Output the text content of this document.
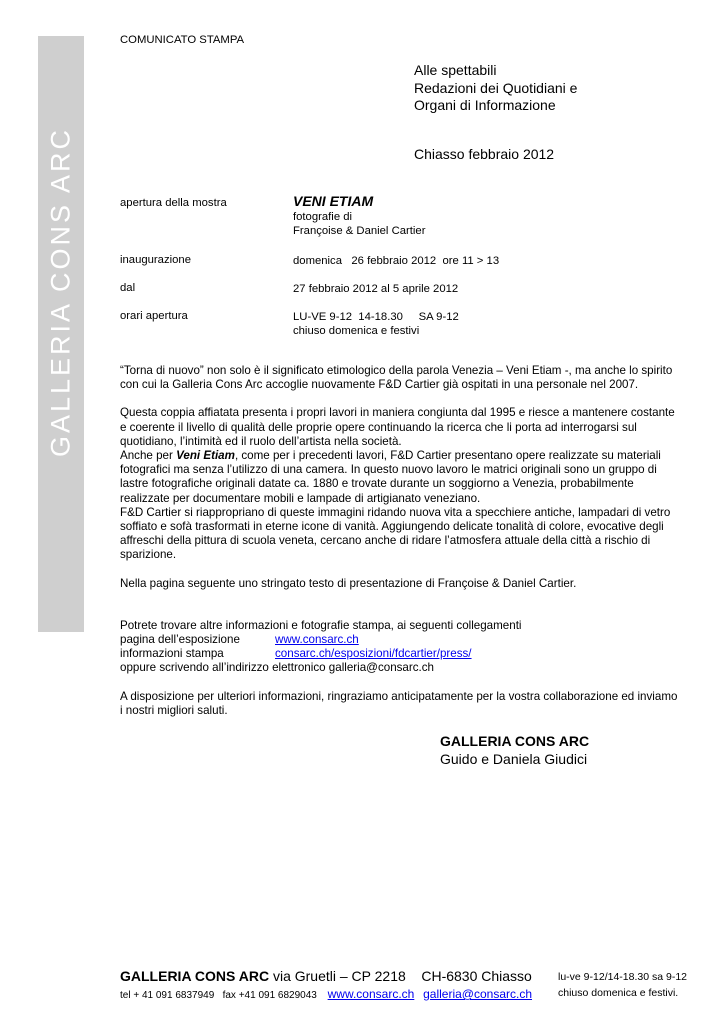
GALLERIA CONS ARC
COMUNICATO STAMPA
Alle spettabili
Redazioni dei Quotidiani e
Organi di Informazione
Chiasso febbraio 2012
apertura della mostra	VENI ETIAM
fotografie di
Françoise & Daniel Cartier
inaugurazione	domenica   26 febbraio 2012  ore 11 > 13
dal	27 febbraio 2012 al 5 aprile 2012
orari apertura	LU-VE 9-12  14-18.30     SA 9-12
chiuso domenica e festivi

“Torna di nuovo” non solo è il significato etimologico della parola Venezia – Veni Etiam -, ma anche lo spirito con cui la Galleria Cons Arc accoglie nuovamente F&D Cartier già ospitati in una personale nel 2007.

Questa coppia affiatata presenta i propri lavori in maniera congiunta dal 1995 e riesce a mantenere costante e coerente il livello di qualità delle proprie opere continuando la ricerca che li porta ad interrogarsi sul quotidiano, l’intimità ed il ruolo dell’artista nella società.

Anche per Veni Etiam, come per i precedenti lavori, F&D Cartier presentano opere realizzate su materiali fotografici ma senza l’utilizzo di una camera. In questo nuovo lavoro le matrici originali sono un gruppo di lastre fotografiche originali datate ca. 1880 e trovate durante un soggiorno a Venezia, probabilmente realizzate per documentare mobili e lampade di artigianato veneziano.

F&D Cartier si riappropriano di queste immagini ridando nuova vita a specchiere antiche, lampadari di vetro soffiato e sofà trasformati in eterne icone di vanità. Aggiungendo delicate tonalità di colore, evocative degli affreschi della pittura di scuola veneta, cercano anche di ridare l’atmosfera attuale della città a rischio di sparizione.

Nella pagina seguente uno stringato testo di presentazione di Françoise & Daniel Cartier.

Potrete trovare altre informazioni e fotografie stampa, ai seguenti collegamenti

pagina dell’esposizione	www.consarc.ch
informazioni stampa	consarc.ch/esposizioni/fdcartier/press/

oppure scrivendo all’indirizzo elettronico galleria@consarc.ch

A disposizione per ulteriori informazioni, ringraziamo anticipatamente per la vostra collaborazione ed inviamo i nostri migliori saluti.

GALLERIA CONS ARC
Guido e Daniela Giudici
GALLERIA CONS ARC via Gruetli – CP 2218    CH-6830 Chiasso
tel + 41 091 6837949   fax +41 091 6829043 www.consarc.ch galleria@consarc.ch
lu-ve 9-12/14-18.30 sa 9-12
chiuso domenica e festivi.
